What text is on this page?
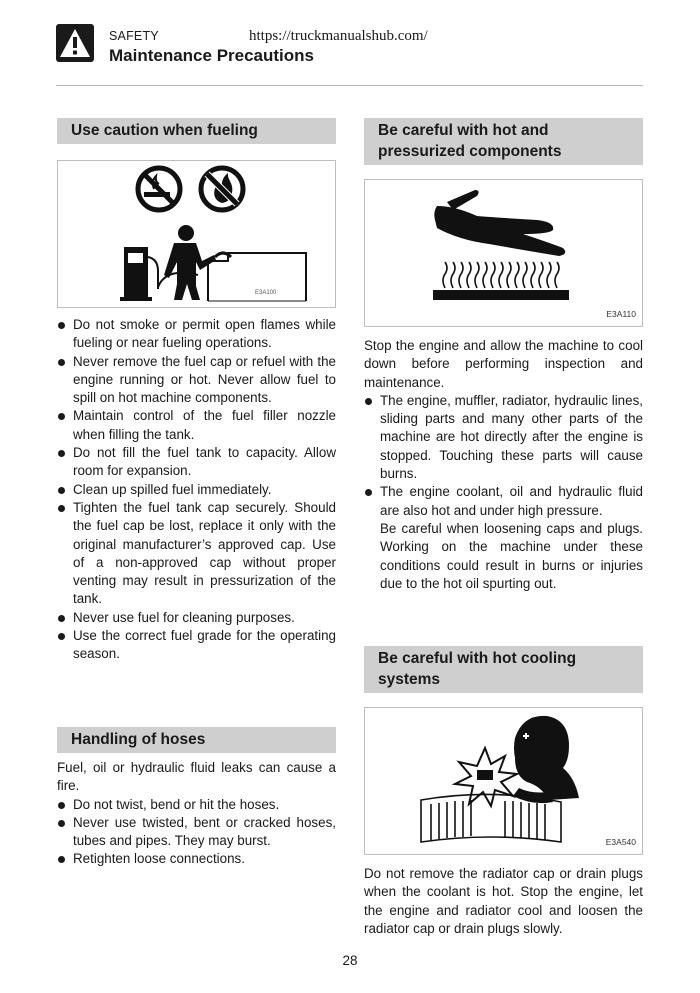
SAFETY	https://truckmanualshub.com/
Maintenance Precautions
Use caution when fueling
E3A100
Do not smoke or permit open flames while fueling or near fueling operations.
Never remove the fuel cap or refuel with the engine running or hot. Never allow fuel to spill on hot machine components.
Maintain control of the fuel filler nozzle when filling the tank.
Do not fill the fuel tank to capacity. Allow room for expansion.
Clean up spilled fuel immediately.
Tighten the fuel tank cap securely. Should the fuel cap be lost, replace it only with the original manufacturer’s approved cap. Use of a non-approved cap without proper venting may result in pressurization of the tank.
Never use fuel for cleaning purposes.
Use the correct fuel grade for the operating season.
Handling of hoses

Fuel, oil or hydraulic fluid leaks can cause a fire.

Do not twist, bend or hit the hoses.
Never use twisted, bent or cracked hoses, tubes and pipes. They may burst.
Retighten loose connections.
Be careful with hot and pressurized components
E3A110

Stop the engine and allow the machine to cool down before performing inspection and maintenance.

The engine, muffler, radiator, hydraulic lines, sliding parts and many other parts of the machine are hot directly after the engine is stopped. Touching these parts will cause burns.
The engine coolant, oil and hydraulic fluid are also hot and under high pressure.
Be careful when loosening caps and plugs. Working on the machine under these conditions could result in burns or injuries due to the hot oil spurting out.
Be careful with hot cooling systems
E3A540

Do not remove the radiator cap or drain plugs when the coolant is hot. Stop the engine, let the engine and radiator cool and loosen the radiator cap or drain plugs slowly.

28
